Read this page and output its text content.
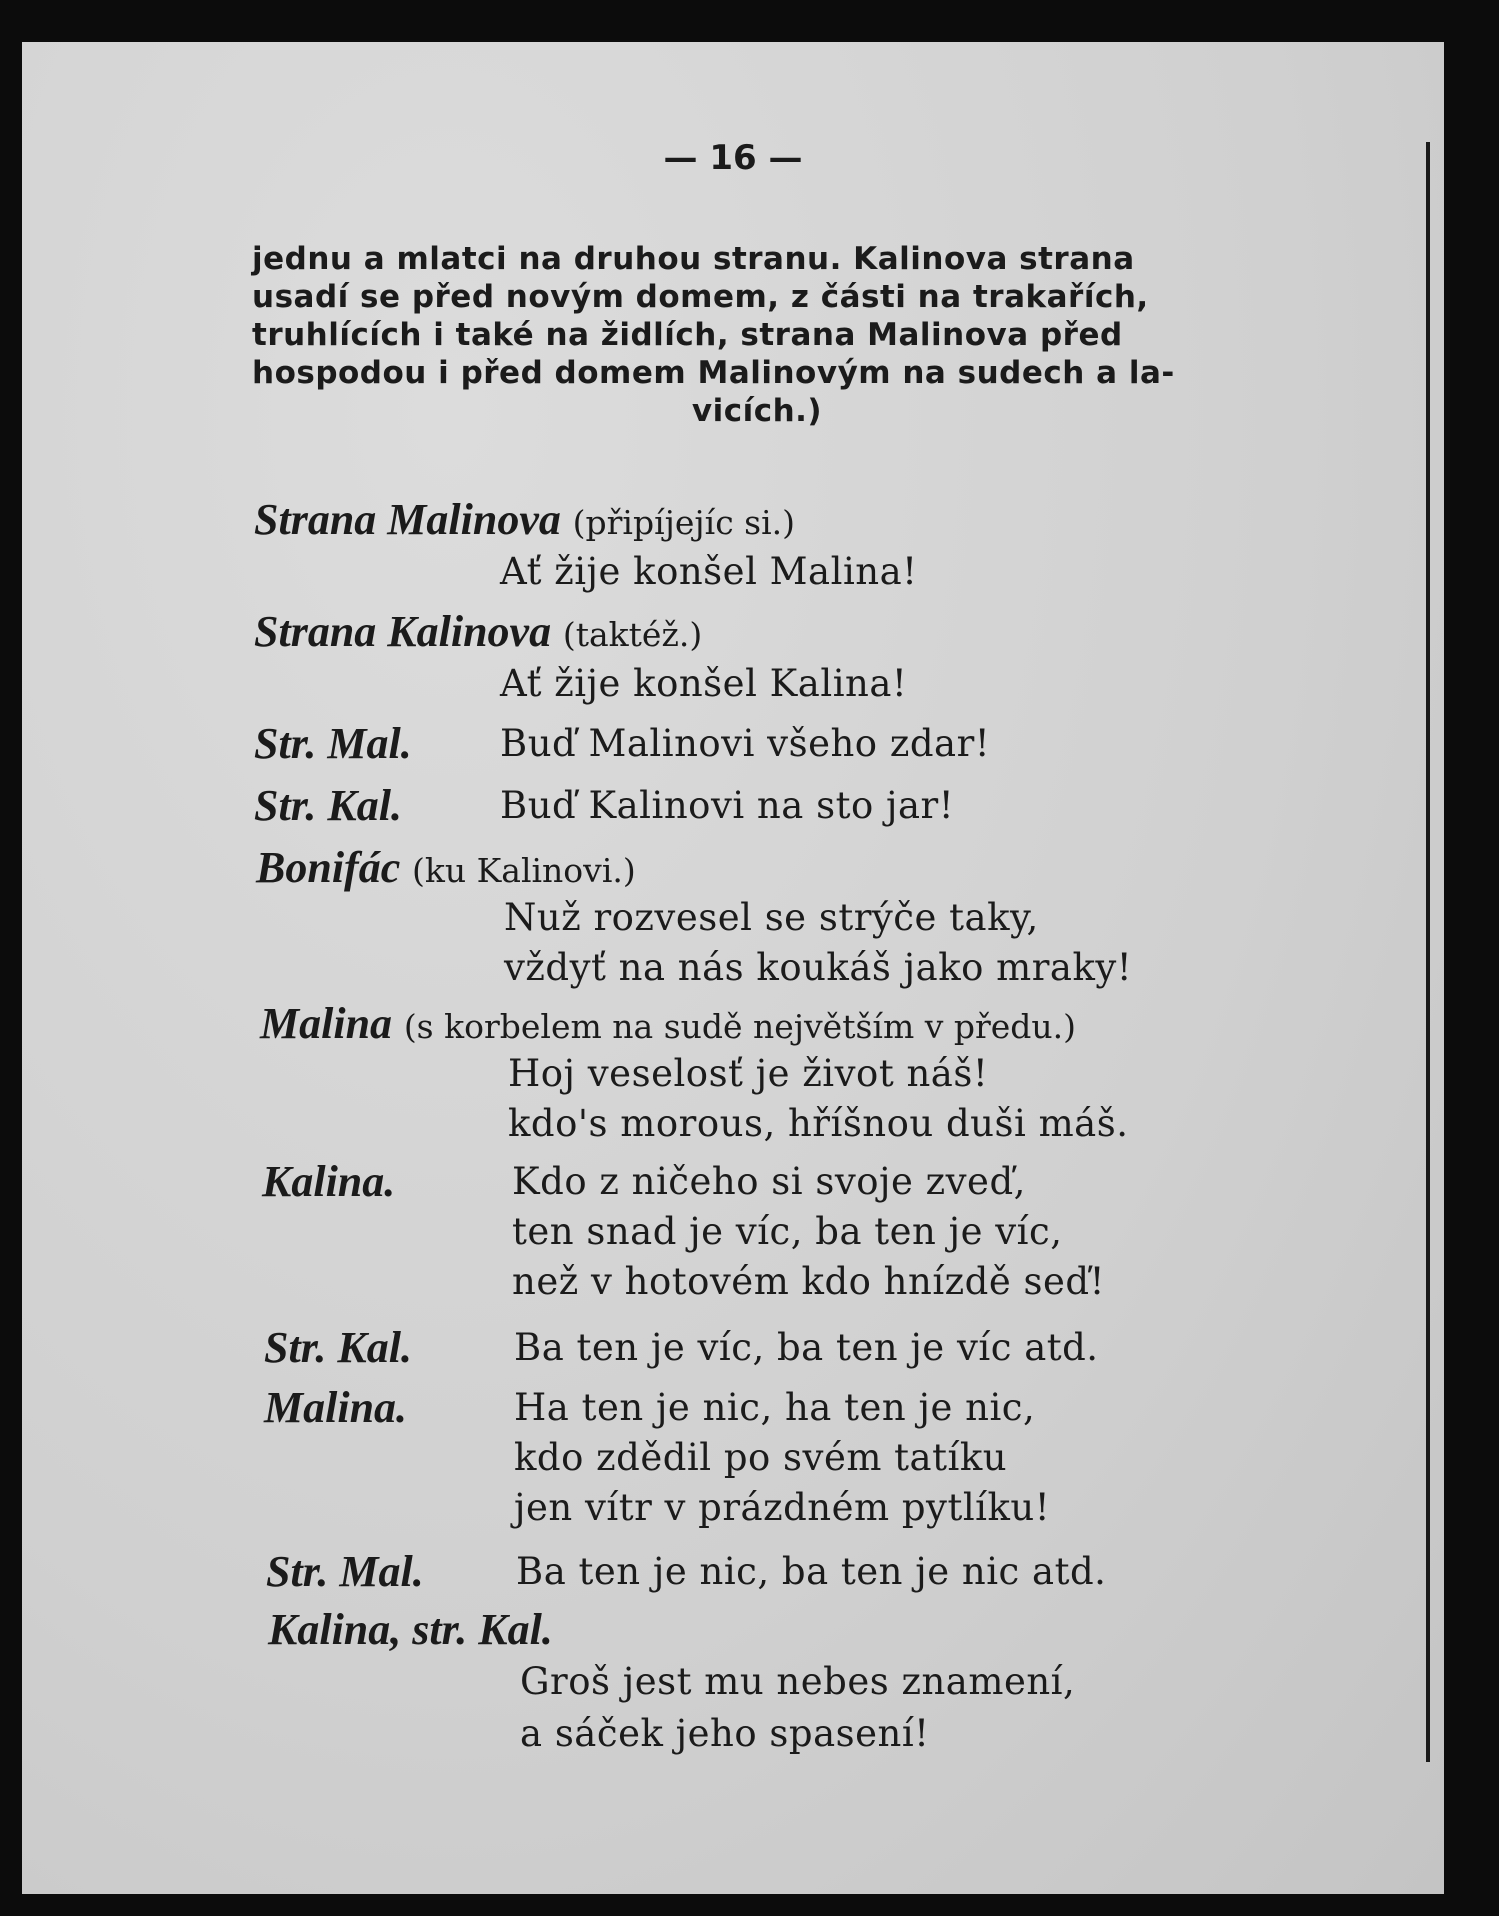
— 16 —
jednu a mlatci na druhou stranu. Kalinova strana
usadí se před novým domem, z části na trakařích,
truhlících i také na židlích, strana Malinova před
hospodou i před domem Malinovým na sudech a la-
vicích.)
Strana Malinova (připíjejíc si.)
Ať žije konšel Malina!
Strana Kalinova (taktéž.)
Ať žije konšel Kalina!
Str. Mal. Buď Malinovi všeho zdar!
Str. Kal.	Buď Kalinovi na sto jar!
Bonifác (ku Kalinovi.)
Nuž rozvesel se strýče taky,
vždyť na nás koukáš jako mraky!
Malina (s korbelem na sudě největším v předu.)
Hoj veselosť je život náš!
kdo's morous, hříšnou duši máš.
Kalina.	Kdo z ničeho si svoje zveď,
ten snad je víc, ba ten je víc,
než v hotovém kdo hnízdě seď!
Str. Kal.	Ba ten je víc, ba ten je víc atd.
Malina.	Ha ten je nic, ha ten je nic,
kdo zdědil po svém tatíku
jen vítr v prázdném pytlíku!
Str. Mal. Ba ten je nic, ba ten je nic atd.
Kalina, str. Kal.
Groš jest mu nebes znamení,
a sáček jeho spasení!
